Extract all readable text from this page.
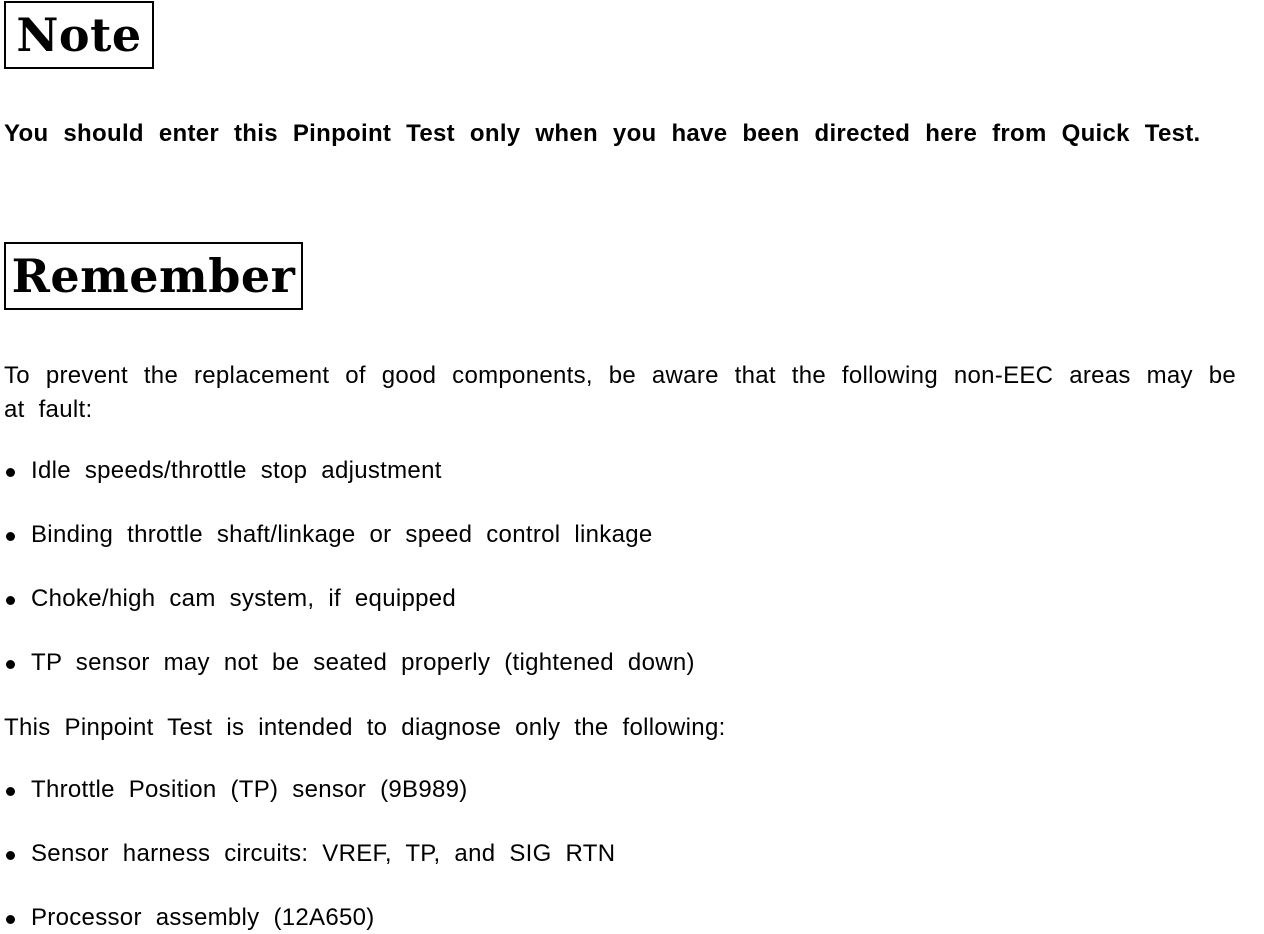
Note

You should enter this Pinpoint Test only when you have been directed here from Quick Test.

Remember

To prevent the replacement of good components, be aware that the following non-EEC areas may be at fault:

Idle speeds/throttle stop adjustment
Binding throttle shaft/linkage or speed control linkage
Choke/high cam system, if equipped
TP sensor may not be seated properly (tightened down)

This Pinpoint Test is intended to diagnose only the following:

Throttle Position (TP) sensor (9B989)
Sensor harness circuits: VREF, TP, and SIG RTN
Processor assembly (12A650)
